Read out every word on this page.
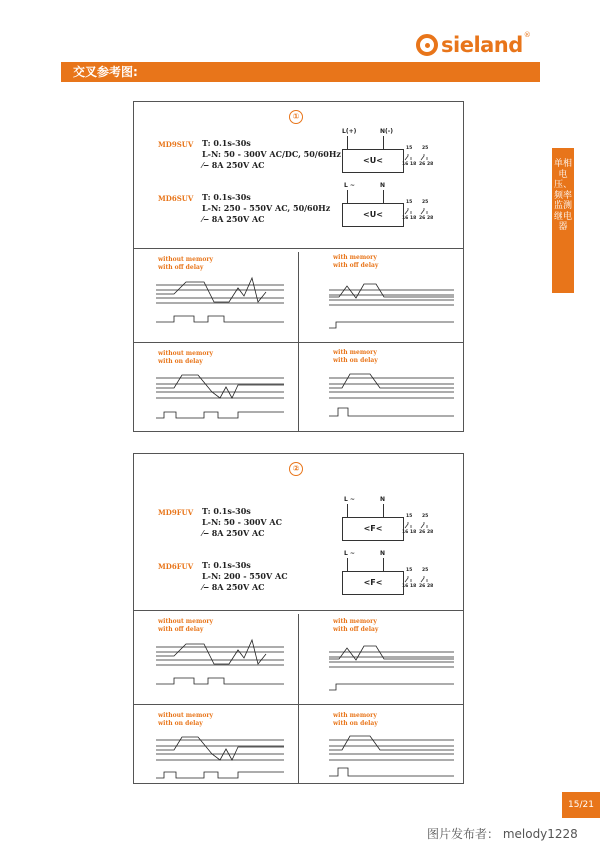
sieland ®
交叉参考图:
单相电压、频率 监测继电器
①
MD9SUV T: 0.1s-30s
L-N: 50 - 300V AC/DC, 50/60Hz
⁄‒ 8A 250V AC
MD6SUV T: 0.1s-30s
L-N: 250 - 550V AC, 50/60Hz
⁄‒ 8A 250V AC
L(+)	N(-)
<U<
15 25
16 18 26 28
L ~	N
<U<
15 25
16 18 26 28
without memory
with off delay
with memory
with off delay
without memory
with on delay
with memory
with on delay
②
MD9FUV T: 0.1s-30s
L-N: 50 - 300V AC
⁄‒ 8A 250V AC
MD6FUV T: 0.1s-30s
L-N: 200 - 550V AC
⁄‒ 8A 250V AC
L ~	N
<F<
15 25
16 18 26 28
L ~	N
<F<
15 25
16 18 26 28
without memory
with off delay
with memory
with off delay
without memory
with on delay
with memory
with on delay
15/21
图片发布者： melody1228
